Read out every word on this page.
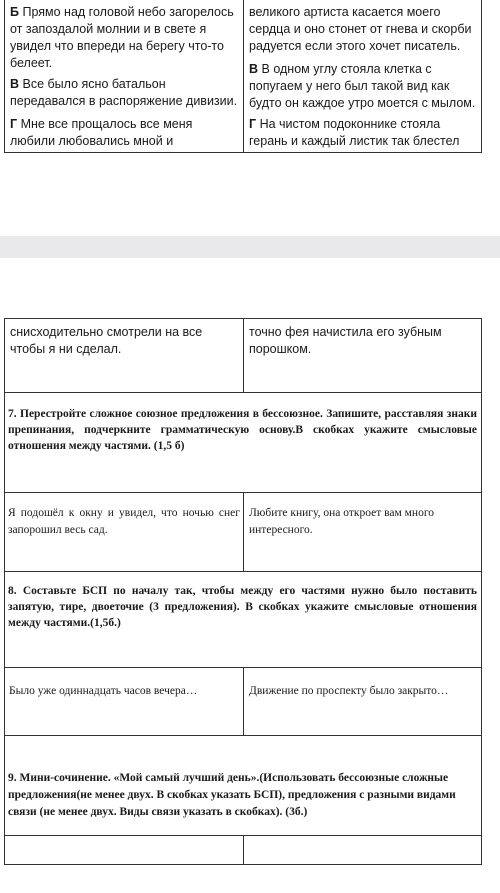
Б Прямо над головой небо загорелось от запоздалой молнии и в свете я увидел что впереди на берегу что-то белеет.
В Все было ясно батальон передавался в распоряжение дивизии.
Г Мне все прощалось все меня любили любовались мной и
великого артиста касается моего сердца и оно стонет от гнева и скорби радуется если этого хочет писатель.
В В одном углу стояла клетка с попугаем у него был такой вид как будто он каждое утро моется с мылом.
Г На чистом подоконнике стояла герань и каждый листик так блестел
снисходительно смотрели на все чтобы я ни сделал.
точно фея начистила его зубным порошком.
7. Перестройте сложное союзное предложения в бессоюзное. Запишите, расставляя знаки препинания, подчеркните грамматическую основу.В скобках укажите смысловые отношения между частями. (1,5 б)
Я подошёл к окну и увидел, что ночью снег запорошил весь сад.
Любите книгу, она откроет вам много интересного.
8. Составьте БСП по началу так, чтобы между его частями нужно было поставить запятую, тире, двоеточие (3 предложения). В скобках укажите смысловые отношения между частями.(1,5б.)
Было уже одиннадцать часов вечера…	Движение по проспекту было закрыто…
9. Мини-сочинение. «Мой самый лучший день».(Использовать бессоюзные сложные предложения(не менее двух. В скобках указать БСП), предложения с разными видами связи (не менее двух. Виды связи указать в скобках). (3б.)
